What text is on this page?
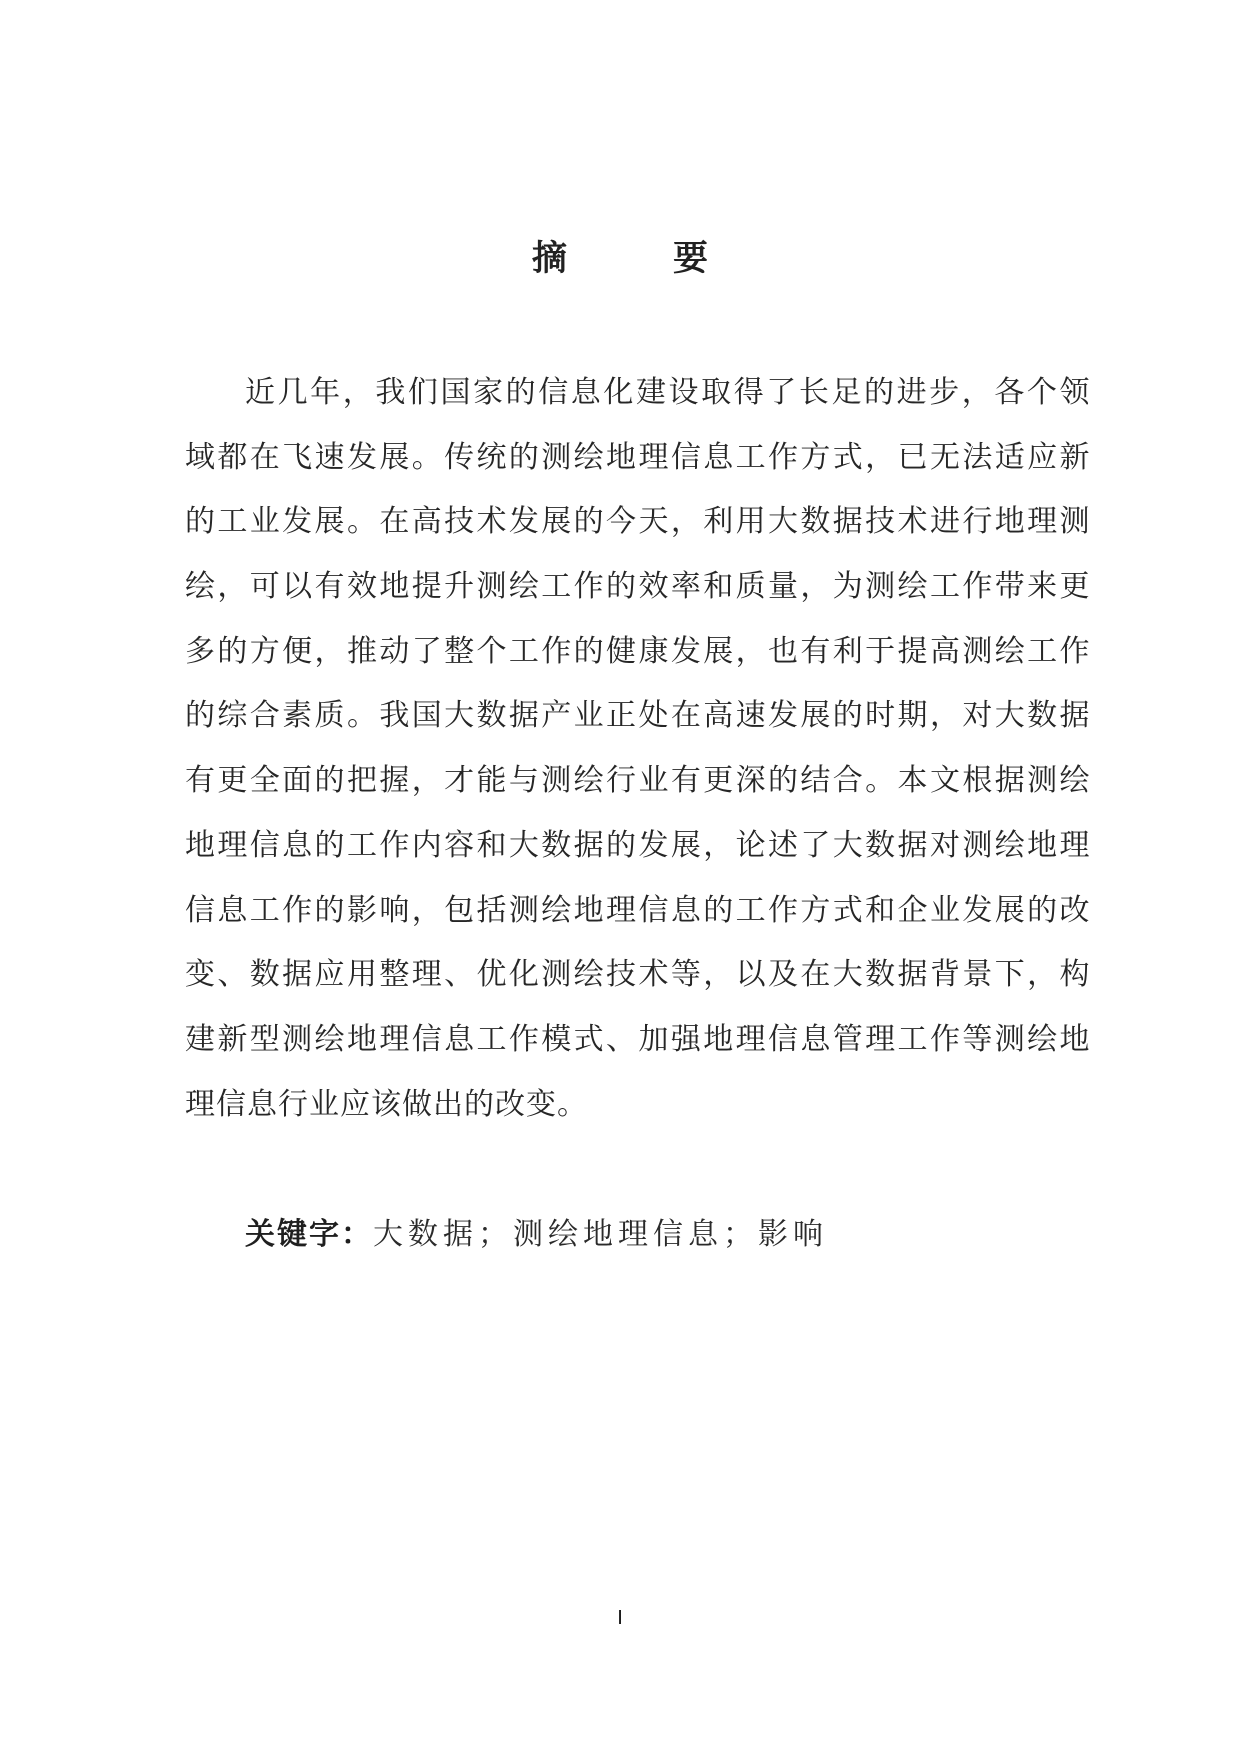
摘	要
近几年，我们国家的信息化建设取得了长足的进步，各个领
域都在飞速发展。传统的测绘地理信息工作方式，已无法适应新
的工业发展。在高技术发展的今天，利用大数据技术进行地理测
绘，可以有效地提升测绘工作的效率和质量，为测绘工作带来更
多的方便，推动了整个工作的健康发展，也有利于提高测绘工作
的综合素质。我国大数据产业正处在高速发展的时期，对大数据
有更全面的把握，才能与测绘行业有更深的结合。本文根据测绘
地理信息的工作内容和大数据的发展，论述了大数据对测绘地理
信息工作的影响，包括测绘地理信息的工作方式和企业发展的改
变、数据应用整理、优化测绘技术等，以及在大数据背景下，构
建新型测绘地理信息工作模式、加强地理信息管理工作等测绘地
理信息行业应该做出的改变。
关键字：大数据；测绘地理信息；影响
I
